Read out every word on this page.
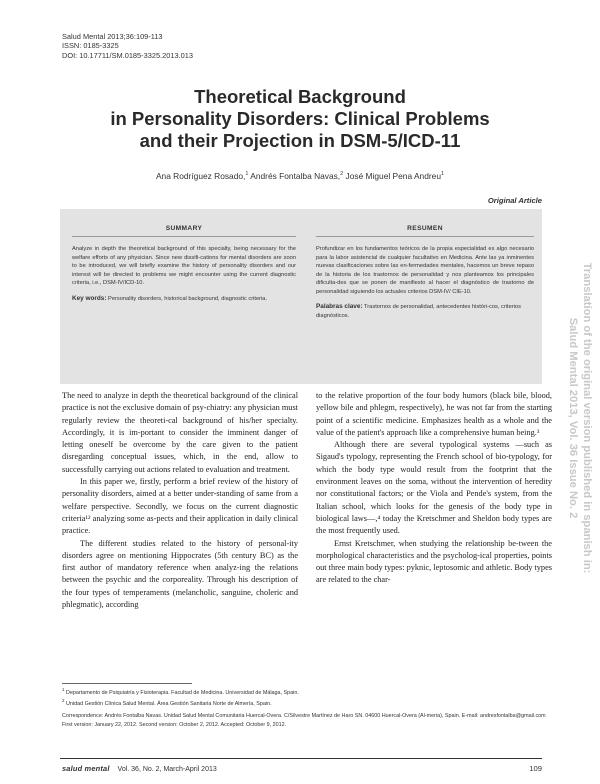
Salud Mental 2013;36:109-113
ISSN: 0185-3325
DOI: 10.17711/SM.0185-3325.2013.013
Theoretical Background
in Personality Disorders: Clinical Problems
and their Projection in DSM-5/ICD-11
Ana Rodríguez Rosado,$^1$ Andrés Fontalba Navas,$^2$ José Miguel Pena Andreu$^1$
Original Article
SUMMARY

Analyze in depth the theoretical background of this specialty, being necessary for the welfare efforts of any physician. Since new dissifi-cations for mental disorders are soon to be introduced, we will briefly examine the history of personality disorders and our interest will be directed to problems we might encounter using the current diagnostic criteria, i.e., DSM-IV/ICD-10.

Key words: Personality disorders, historical background, diagnostic criteria.

RESUMEN

Profundizar en los fundamentos teóricos de la propia especialidad es algo necesario para la labor asistencial de cualquier facultativo en Medicina. Ante las ya inminentes nuevas clasificaciones sobre las en-fermedades mentales, hacemos un breve repaso de la historia de los trastornos de personalidad y nos planteamos los principales dificulta-des que se ponen de manifiesto al hacer el diagnóstico de trastorno de personalidad siguiendo los actuales criterios DSM-IV/ CIE-10.

Palabras clave: Trastornos de personalidad, antecedentes históri-cos, criterios diagnósticos.	Translation of the original version published in spanish in:
Salud Mental 2013, Vol. 36 Issue No. 2

The need to analyze in depth the theoretical background of the clinical practice is not the exclusive domain of psy-chiatry: any physician must regularly review the theoreti-cal background of his/her specialty. Accordingly, it is im-portant to consider the imminent danger of letting oneself be overcome by the care given to the patient disregarding conceptual issues, which, in the end, allow to successfully carrying out actions related to evaluation and treatment.

In this paper we, firstly, perform a brief review of the history of personality disorders, aimed at a better under-standing of same from a welfare perspective. Secondly, we focus on the current diagnostic criteria¹² analyzing some as-pects and their application in daily clinical practice.

The different studies related to the history of personal-ity disorders agree on mentioning Hippocrates (5th century BC) as the first author of mandatory reference when analyz-ing the relations between the psychic and the corporeality. Through his description of the four types of temperaments (melancholic, sanguine, choleric and phlegmatic), according

to the relative proportion of the four body humors (black bile, blood, yellow bile and phlegm, respectively), he was not far from the starting point of a scientific medicine. Emphasizes health as a whole and the value of the patient's approach like a comprehensive human being.³

Although there are several typological systems —such as Sigaud's typology, representing the French school of bio-typology, for which the body type would result from the footprint that the environment leaves on the soma, without the intervention of heredity nor constitutional factors; or the Viola and Pende's system, from the Italian school, which looks for the genesis of the body type in biological laws—,⁴ today the Kretschmer and Sheldon body types are the most frequently used.

Ernst Kretschmer, when studying the relationship be-tween the morphological characteristics and the psycholog-ical properties, points out three main body types: pyknic, leptosomic and athletic. Body types are related to the char-

$^1$ Departamento de Psiquiatría y Fisioterapia. Facultad de Medicina. Universidad de Málaga, Spain.
$^2$ Unidad Gestión Clínica Salud Mental. Área Gestión Sanitaria Norte de Almería, Spain.
Correspondence: Andrés Fontalba Navas. Unidad Salud Mental Comunitaria Huercal-Overa. C/Silvestre Martínez de Haro SN. 04600 Huercal-Overa (Al-meria), Spain. E-mail: andresfontalba@gmail.com
First version: January 22, 2012. Second version: October 2, 2012. Accepted: October 9, 2012.
salud mental Vol. 36, No. 2, March-April 2013	109
